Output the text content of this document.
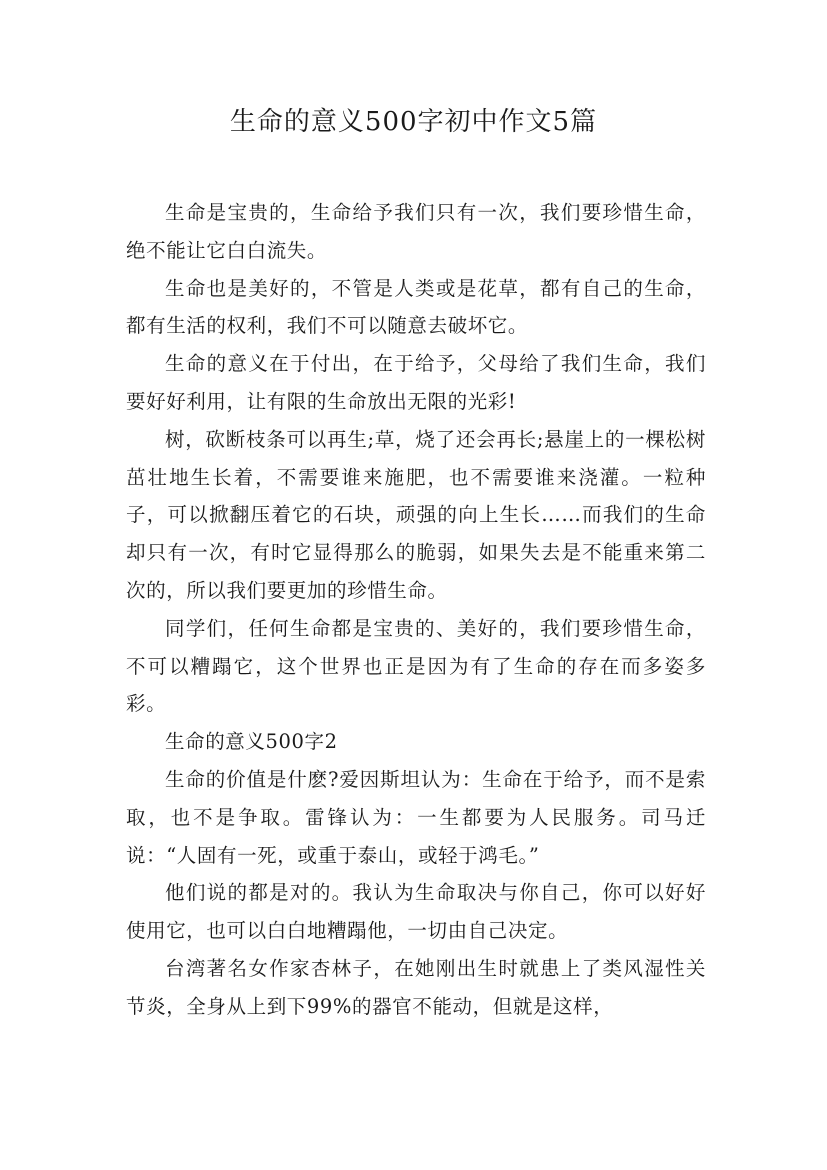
生命的意义500字初中作文5篇

生命是宝贵的，生命给予我们只有一次，我们要珍惜生命，绝不能让它白白流失。

生命也是美好的，不管是人类或是花草，都有自己的生命，都有生活的权利，我们不可以随意去破坏它。

生命的意义在于付出，在于给予，父母给了我们生命，我们要好好利用，让有限的生命放出无限的光彩!

树，砍断枝条可以再生;草，烧了还会再长;悬崖上的一棵松树茁壮地生长着，不需要谁来施肥，也不需要谁来浇灌。一粒种子，可以掀翻压着它的石块，顽强的向上生长……而我们的生命却只有一次，有时它显得那么的脆弱，如果失去是不能重来第二次的，所以我们要更加的珍惜生命。

同学们，任何生命都是宝贵的、美好的，我们要珍惜生命，不可以糟蹋它，这个世界也正是因为有了生命的存在而多姿多彩。

生命的意义500字2

生命的价值是什麽?爱因斯坦认为：生命在于给予，而不是索取，也不是争取。雷锋认为：一生都要为人民服务。司马迁说：“人固有一死，或重于泰山，或轻于鸿毛。”

他们说的都是对的。我认为生命取决与你自己，你可以好好使用它，也可以白白地糟蹋他，一切由自己决定。

台湾著名女作家杏林子，在她刚出生时就患上了类风湿性关节炎，全身从上到下99%的器官不能动，但就是这样，
